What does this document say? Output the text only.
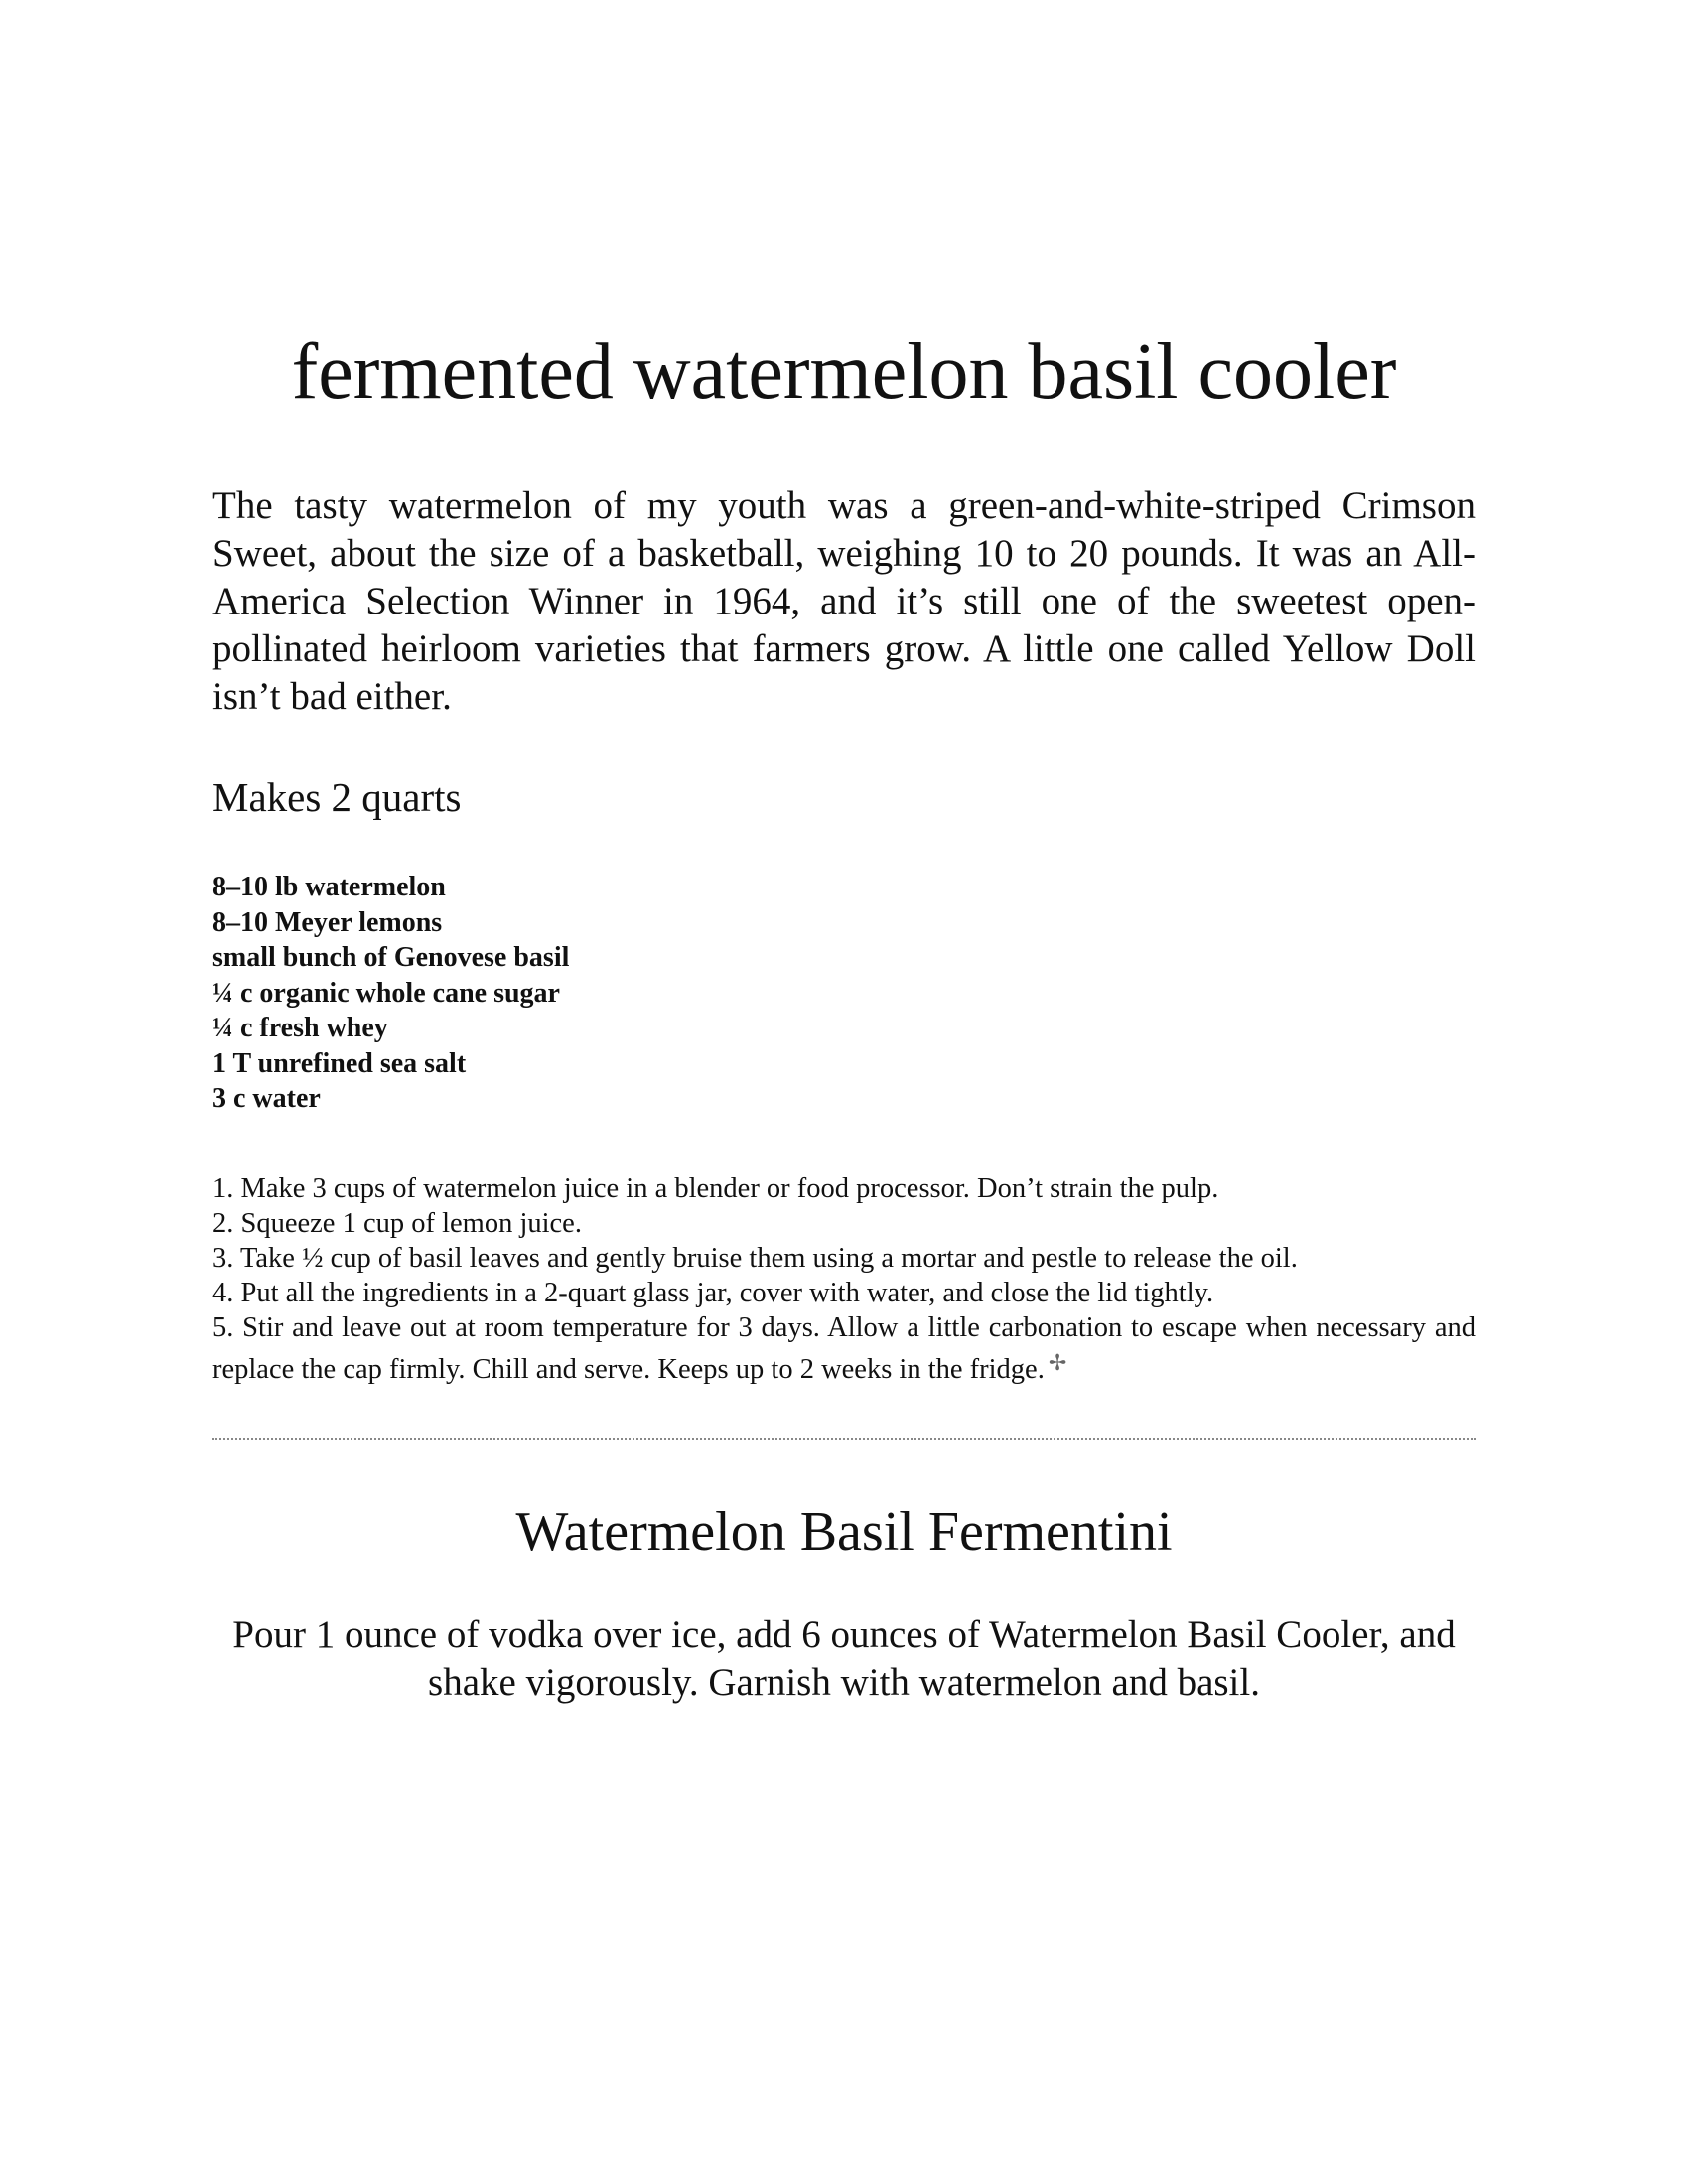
fermented watermelon basil cooler

The tasty watermelon of my youth was a green-and-white-striped Crimson Sweet, about the size of a basketball, weighing 10 to 20 pounds. It was an All-America Selection Winner in 1964, and it’s still one of the sweetest open-pollinated heirloom varieties that farmers grow. A little one called Yellow Doll isn’t bad either.

Makes 2 quarts

8–10 lb watermelon
8–10 Meyer lemons
small bunch of Genovese basil
¼ c organic whole cane sugar
¼ c fresh whey
1 T unrefined sea salt
3 c water
1. Make 3 cups of watermelon juice in a blender or food processor. Don’t strain the pulp.
2. Squeeze 1 cup of lemon juice.
3. Take ½ cup of basil leaves and gently bruise them using a mortar and pestle to release the oil.
4. Put all the ingredients in a 2-quart glass jar, cover with water, and close the lid tightly.
5. Stir and leave out at room temperature for 3 days. Allow a little carbonation to escape when necessary and replace the cap firmly. Chill and serve. Keeps up to 2 weeks in the fridge. ✢
Watermelon Basil Fermentini

Pour 1 ounce of vodka over ice, add 6 ounces of Watermelon Basil Cooler, and shake vigorously. Garnish with watermelon and basil.
